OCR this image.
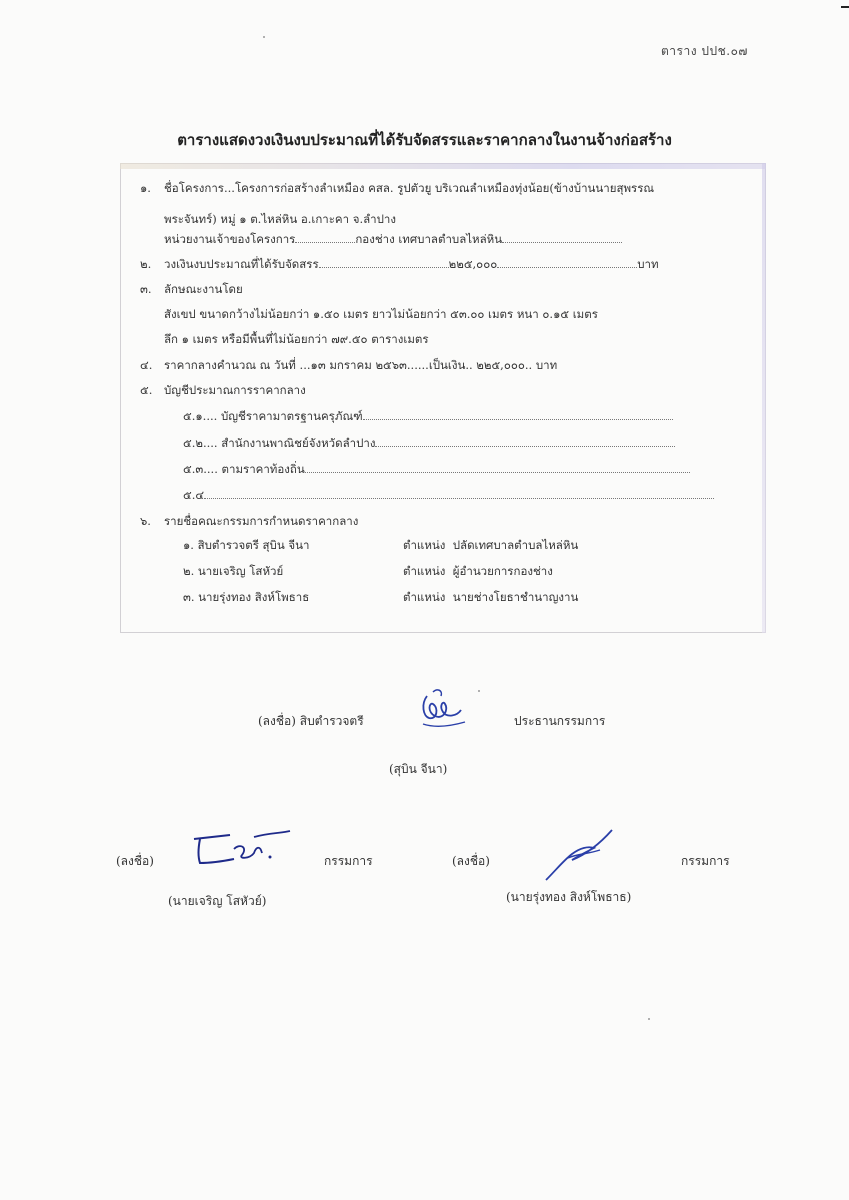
ตาราง ปปช.๐๗
ตารางแสดงวงเงินงบประมาณที่ได้รับจัดสรรและราคากลางในงานจ้างก่อสร้าง
๑. ชื่อโครงการ...โครงการก่อสร้างลำเหมือง คสล. รูปตัวยู บริเวณลำเหมืองทุ่งน้อย(ข้างบ้านนายสุพรรณ
พระจันทร์) หมู่ ๑ ต.ไหล่หิน อ.เกาะคา จ.ลำปาง
หน่วยงานเจ้าของโครงการ	กองช่าง เทศบาลตำบลไหล่หิน
๒. วงเงินงบประมาณที่ได้รับจัดสรร	๒๒๕,๐๐๐	บาท
๓. ลักษณะงานโดย
สังเขป ขนาดกว้างไม่น้อยกว่า ๑.๕๐ เมตร ยาวไม่น้อยกว่า ๕๓.๐๐ เมตร หนา ๐.๑๕ เมตร
ลึก ๑ เมตร หรือมีพื้นที่ไม่น้อยกว่า ๗๙.๕๐ ตารางเมตร
๔. ราคากลางคำนวณ ณ วันที่ ...๑๓ มกราคม ๒๕๖๓......เป็นเงิน.. ๒๒๕,๐๐๐.. บาท
๕. บัญชีประมาณการราคากลาง
๕.๑.... บัญชีราคามาตรฐานครุภัณฑ์
๕.๒.... สำนักงานพาณิชย์จังหวัดลำปาง
๕.๓.... ตามราคาท้องถิ่น
๕.๔
๖. รายชื่อคณะกรรมการกำหนดราคากลาง
๑. สิบตำรวจตรี สุบิน จีนา	ตำแหน่ง ปลัดเทศบาลตำบลไหล่หิน
๒. นายเจริญ โสหัวย์	ตำแหน่ง ผู้อำนวยการกองช่าง
๓. นายรุ่งทอง สิงห์โพธาธ	ตำแหน่ง นายช่างโยธาชำนาญงาน
(ลงชื่อ) สิบตำรวจตรี	ประธานกรรมการ
(สุบิน จีนา)
(ลงชื่อ)	กรรมการ
(นายเจริญ โสหัวย์)
(ลงชื่อ)	กรรมการ
(นายรุ่งทอง สิงห์โพธาธ)
